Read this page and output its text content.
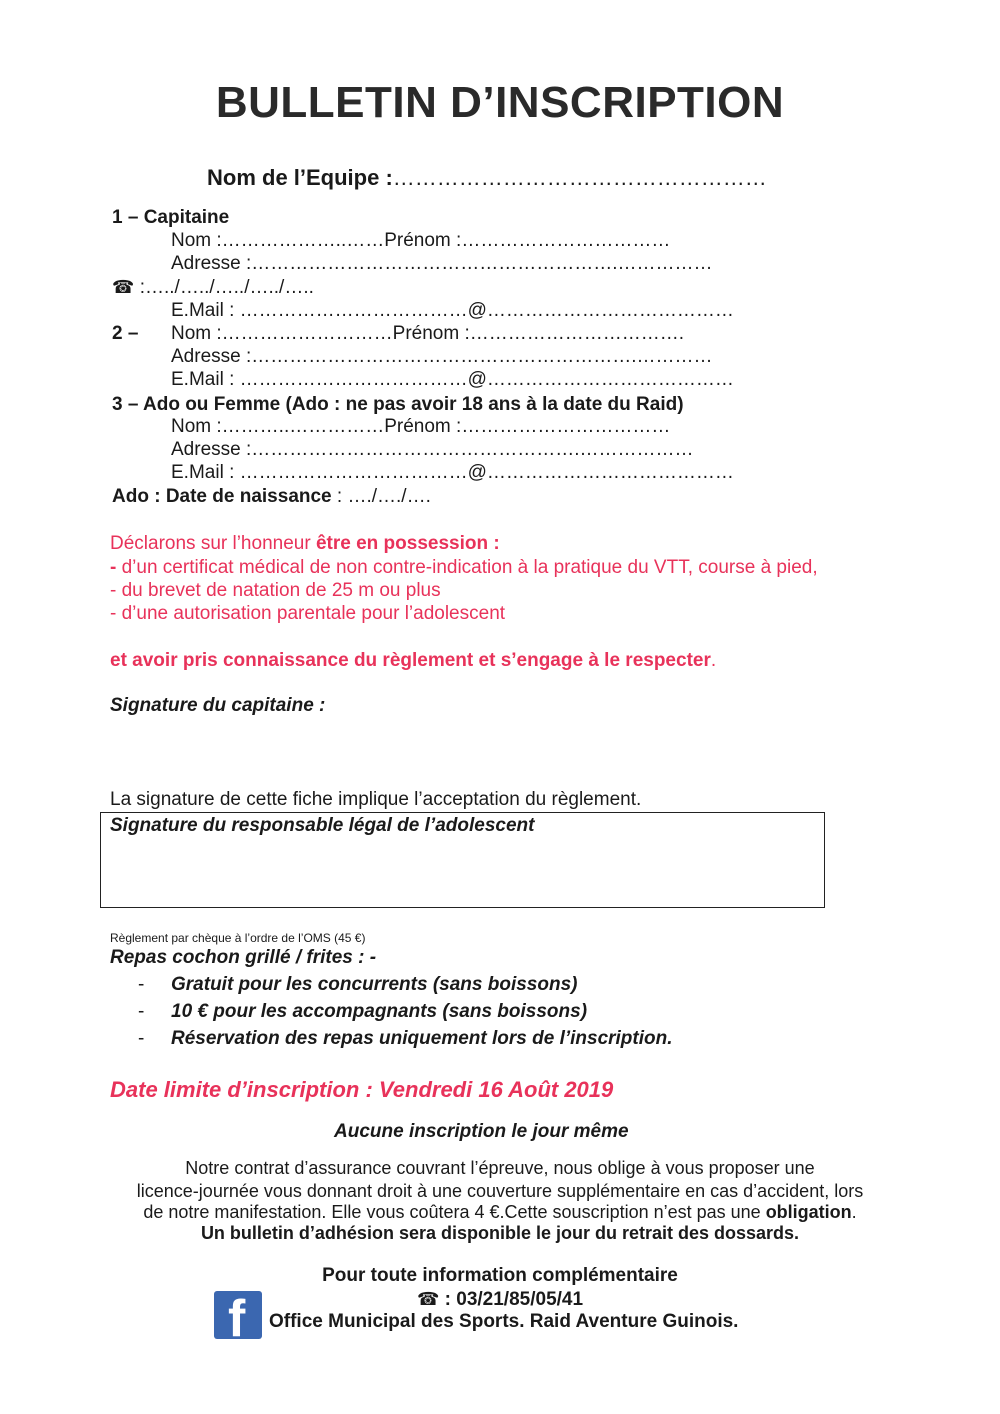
BULLETIN D’INSCRIPTION
Nom de l’Equipe :……………………………………………
1 – Capitaine
Nom :………………..……Prénom :……………………………
Adresse :………………………………………………….……………
☎ :…../…../…../…../…..
E.Mail : ………………………………@…………………………………
2 – Nom :………………………Prénom :…………………………….
Adresse :…………………………………………………….…………
E.Mail : ………………………………@…………………………………
3 – Ado ou Femme (Ado : ne pas avoir 18 ans à la date du Raid)
Nom :………..……………Prénom :……………………………
Adresse :…………………………………………….………………
E.Mail : ………………………………@…………………………………
Ado : Date de naissance : …./…./….
Déclarons sur l’honneur être en possession :
- d’un certificat médical de non contre-indication à la pratique du VTT, course à pied,
- du brevet de natation de 25 m ou plus
- d’une autorisation parentale pour l’adolescent
et avoir pris connaissance du règlement et s’engage à le respecter.
Signature du capitaine :
La signature de cette fiche implique l’acceptation du règlement.
Signature du responsable légal de l’adolescent
Règlement par chèque à l’ordre de l’OMS (45 €)
Repas cochon grillé / frites : -
- Gratuit pour les concurrents (sans boissons)
- 10 € pour les accompagnants (sans boissons)
- Réservation des repas uniquement lors de l’inscription.
Date limite d’inscription : Vendredi 16 Août 2019
Aucune inscription le jour même
Notre contrat d’assurance couvrant l’épreuve, nous oblige à vous proposer une
licence-journée vous donnant droit à une couverture supplémentaire en cas d’accident, lors
de notre manifestation. Elle vous coûtera 4 €.Cette souscription n’est pas une obligation.
Un bulletin d’adhésion sera disponible le jour du retrait des dossards.
Pour toute information complémentaire
☎ : 03/21/85/05/41
f Office Municipal des Sports. Raid Aventure Guinois.
